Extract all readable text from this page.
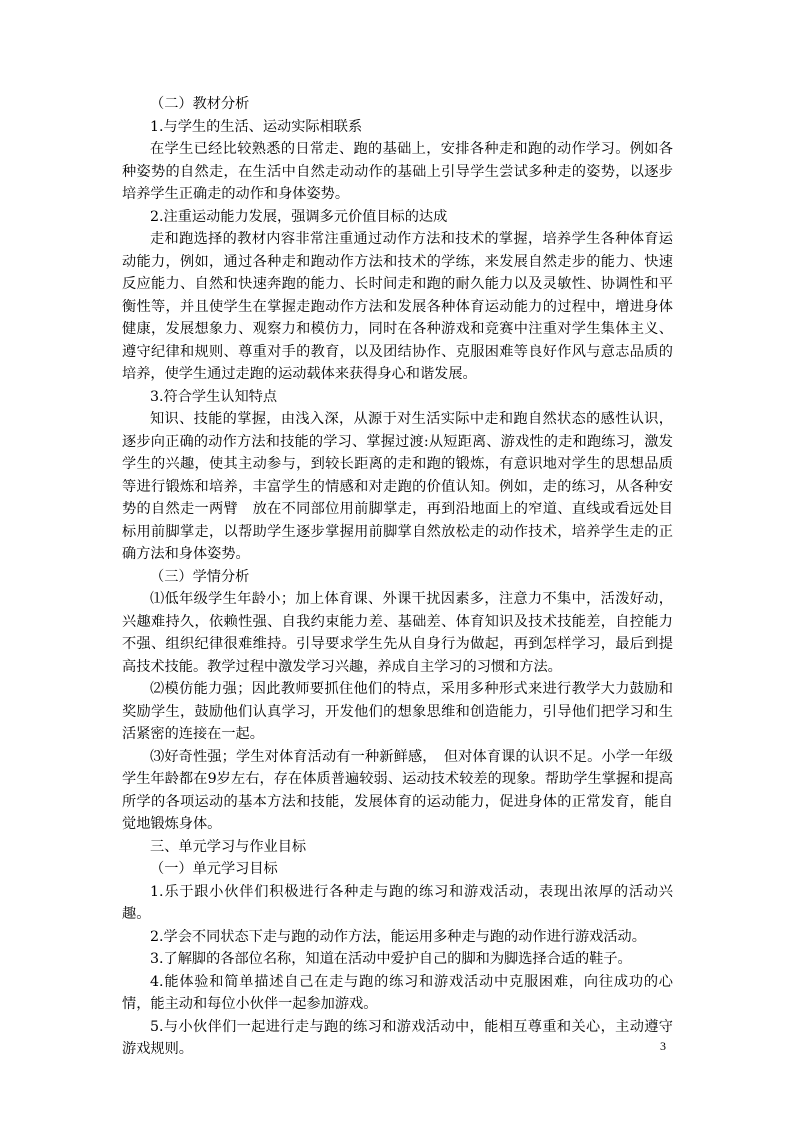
（二）教材分析

1.与学生的生活、运动实际相联系

在学生已经比较熟悉的日常走、跑的基础上，安排各种走和跑的动作学习。例如各种姿势的自然走，在生活中自然走动动作的基础上引导学生尝试多种走的姿势，以逐步培养学生正确走的动作和身体姿势。

2.注重运动能力发展，强调多元价值目标的达成

走和跑选择的教材内容非常注重通过动作方法和技术的掌握，培养学生各种体育运动能力，例如，通过各种走和跑动作方法和技术的学练，来发展自然走步的能力、快速反应能力、自然和快速奔跑的能力、长时间走和跑的耐久能力以及灵敏性、协调性和平衡性等，并且使学生在掌握走跑动作方法和发展各种体育运动能力的过程中，增进身体健康，发展想象力、观察力和模仿力，同时在各种游戏和竞赛中注重对学生集体主义、遵守纪律和规则、尊重对手的教育，以及团结协作、克服困难等良好作风与意志品质的培养，使学生通过走跑的运动载体来获得身心和谐发展。

3.符合学生认知特点

知识、技能的掌握，由浅入深，从源于对生活实际中走和跑自然状态的感性认识，逐步向正确的动作方法和技能的学习、掌握过渡:从短距离、游戏性的走和跑练习，激发学生的兴趣，使其主动参与，到较长距离的走和跑的锻炼，有意识地对学生的思想品质等进行锻炼和培养，丰富学生的情感和对走跑的价值认知。例如，走的练习，从各种安势的自然走一两臂　放在不同部位用前脚掌走，再到沿地面上的窄道、直线或看远处目标用前脚掌走，以帮助学生逐步掌握用前脚掌自然放松走的动作技术，培养学生走的正确方法和身体姿势。

（三）学情分析

⑴低年级学生年龄小；加上体育课、外课干扰因素多，注意力不集中，活泼好动，兴趣难持久，依赖性强、自我约束能力差、基础差、体育知识及技术技能差，自控能力不强、组织纪律很难维持。引导要求学生先从自身行为做起，再到怎样学习，最后到提高技术技能。教学过程中激发学习兴趣，养成自主学习的习惯和方法。

⑵模仿能力强；因此教师要抓住他们的特点，采用多种形式来进行教学大力鼓励和奖励学生，鼓励他们认真学习，开发他们的想象思维和创造能力，引导他们把学习和生活紧密的连接在一起。

⑶好奇性强；学生对体育活动有一种新鲜感，　但对体育课的认识不足。小学一年级学生年龄都在9岁左右，存在体质普遍较弱、运动技术较差的现象。帮助学生掌握和提高所学的各项运动的基本方法和技能，发展体育的运动能力，促进身体的正常发育，能自觉地锻炼身体。

三、单元学习与作业目标

（一）单元学习目标

1.乐于跟小伙伴们积极进行各种走与跑的练习和游戏活动，表现出浓厚的活动兴趣。

2.学会不同状态下走与跑的动作方法，能运用多种走与跑的动作进行游戏活动。

3.了解脚的各部位名称，知道在活动中爱护自己的脚和为脚选择合适的鞋子。

4.能体验和简单描述自己在走与跑的练习和游戏活动中克服困难，向往成功的心情，能主动和每位小伙伴一起参加游戏。

5.与小伙伴们一起进行走与跑的练习和游戏活动中，能相互尊重和关心，主动遵守游戏规则。	3
